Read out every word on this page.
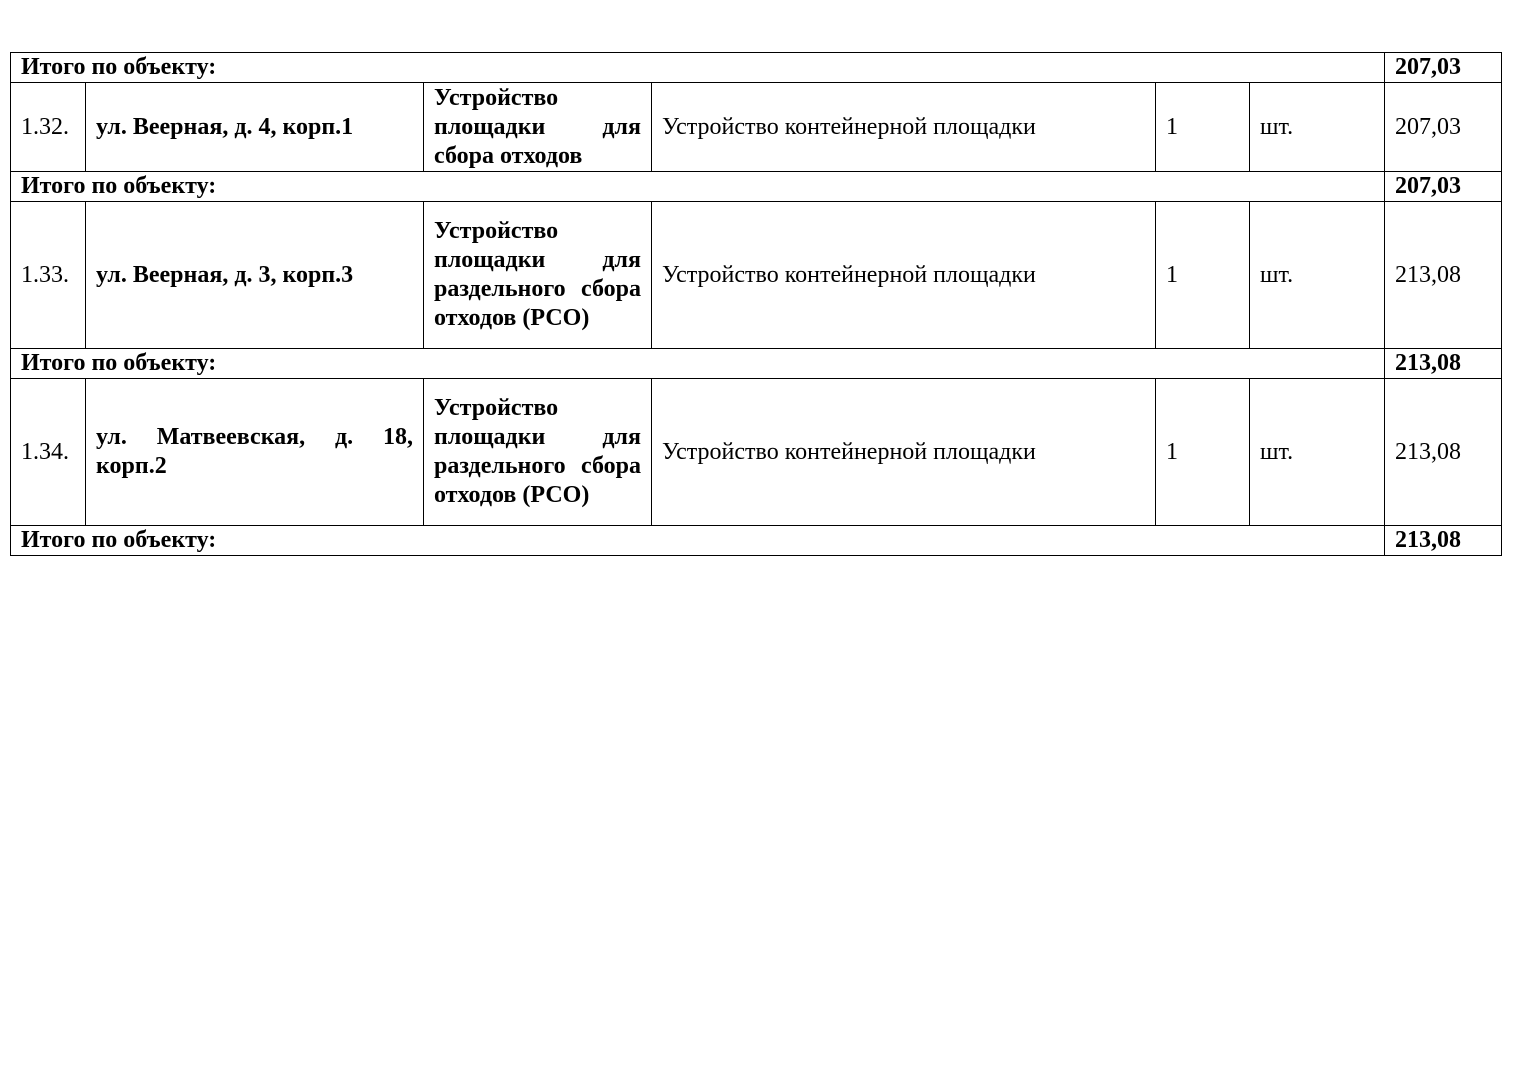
Итого по объекту:						207,03
1.32.	ул. Веерная, д. 4, корп.1	Устройство площадки для сбора отходов	Устройство контейнерной площадки	1	шт.	207,03
Итого по объекту:						207,03
1.33.	ул. Веерная, д. 3, корп.3	Устройство площадки для раздельного сбора отходов (РСО)	Устройство контейнерной площадки	1	шт.	213,08
Итого по объекту:						213,08
1.34.	ул. Матвеевская, д. 18, корп.2	Устройство площадки для раздельного сбора отходов (РСО)	Устройство контейнерной площадки	1	шт.	213,08
Итого по объекту:						213,08
